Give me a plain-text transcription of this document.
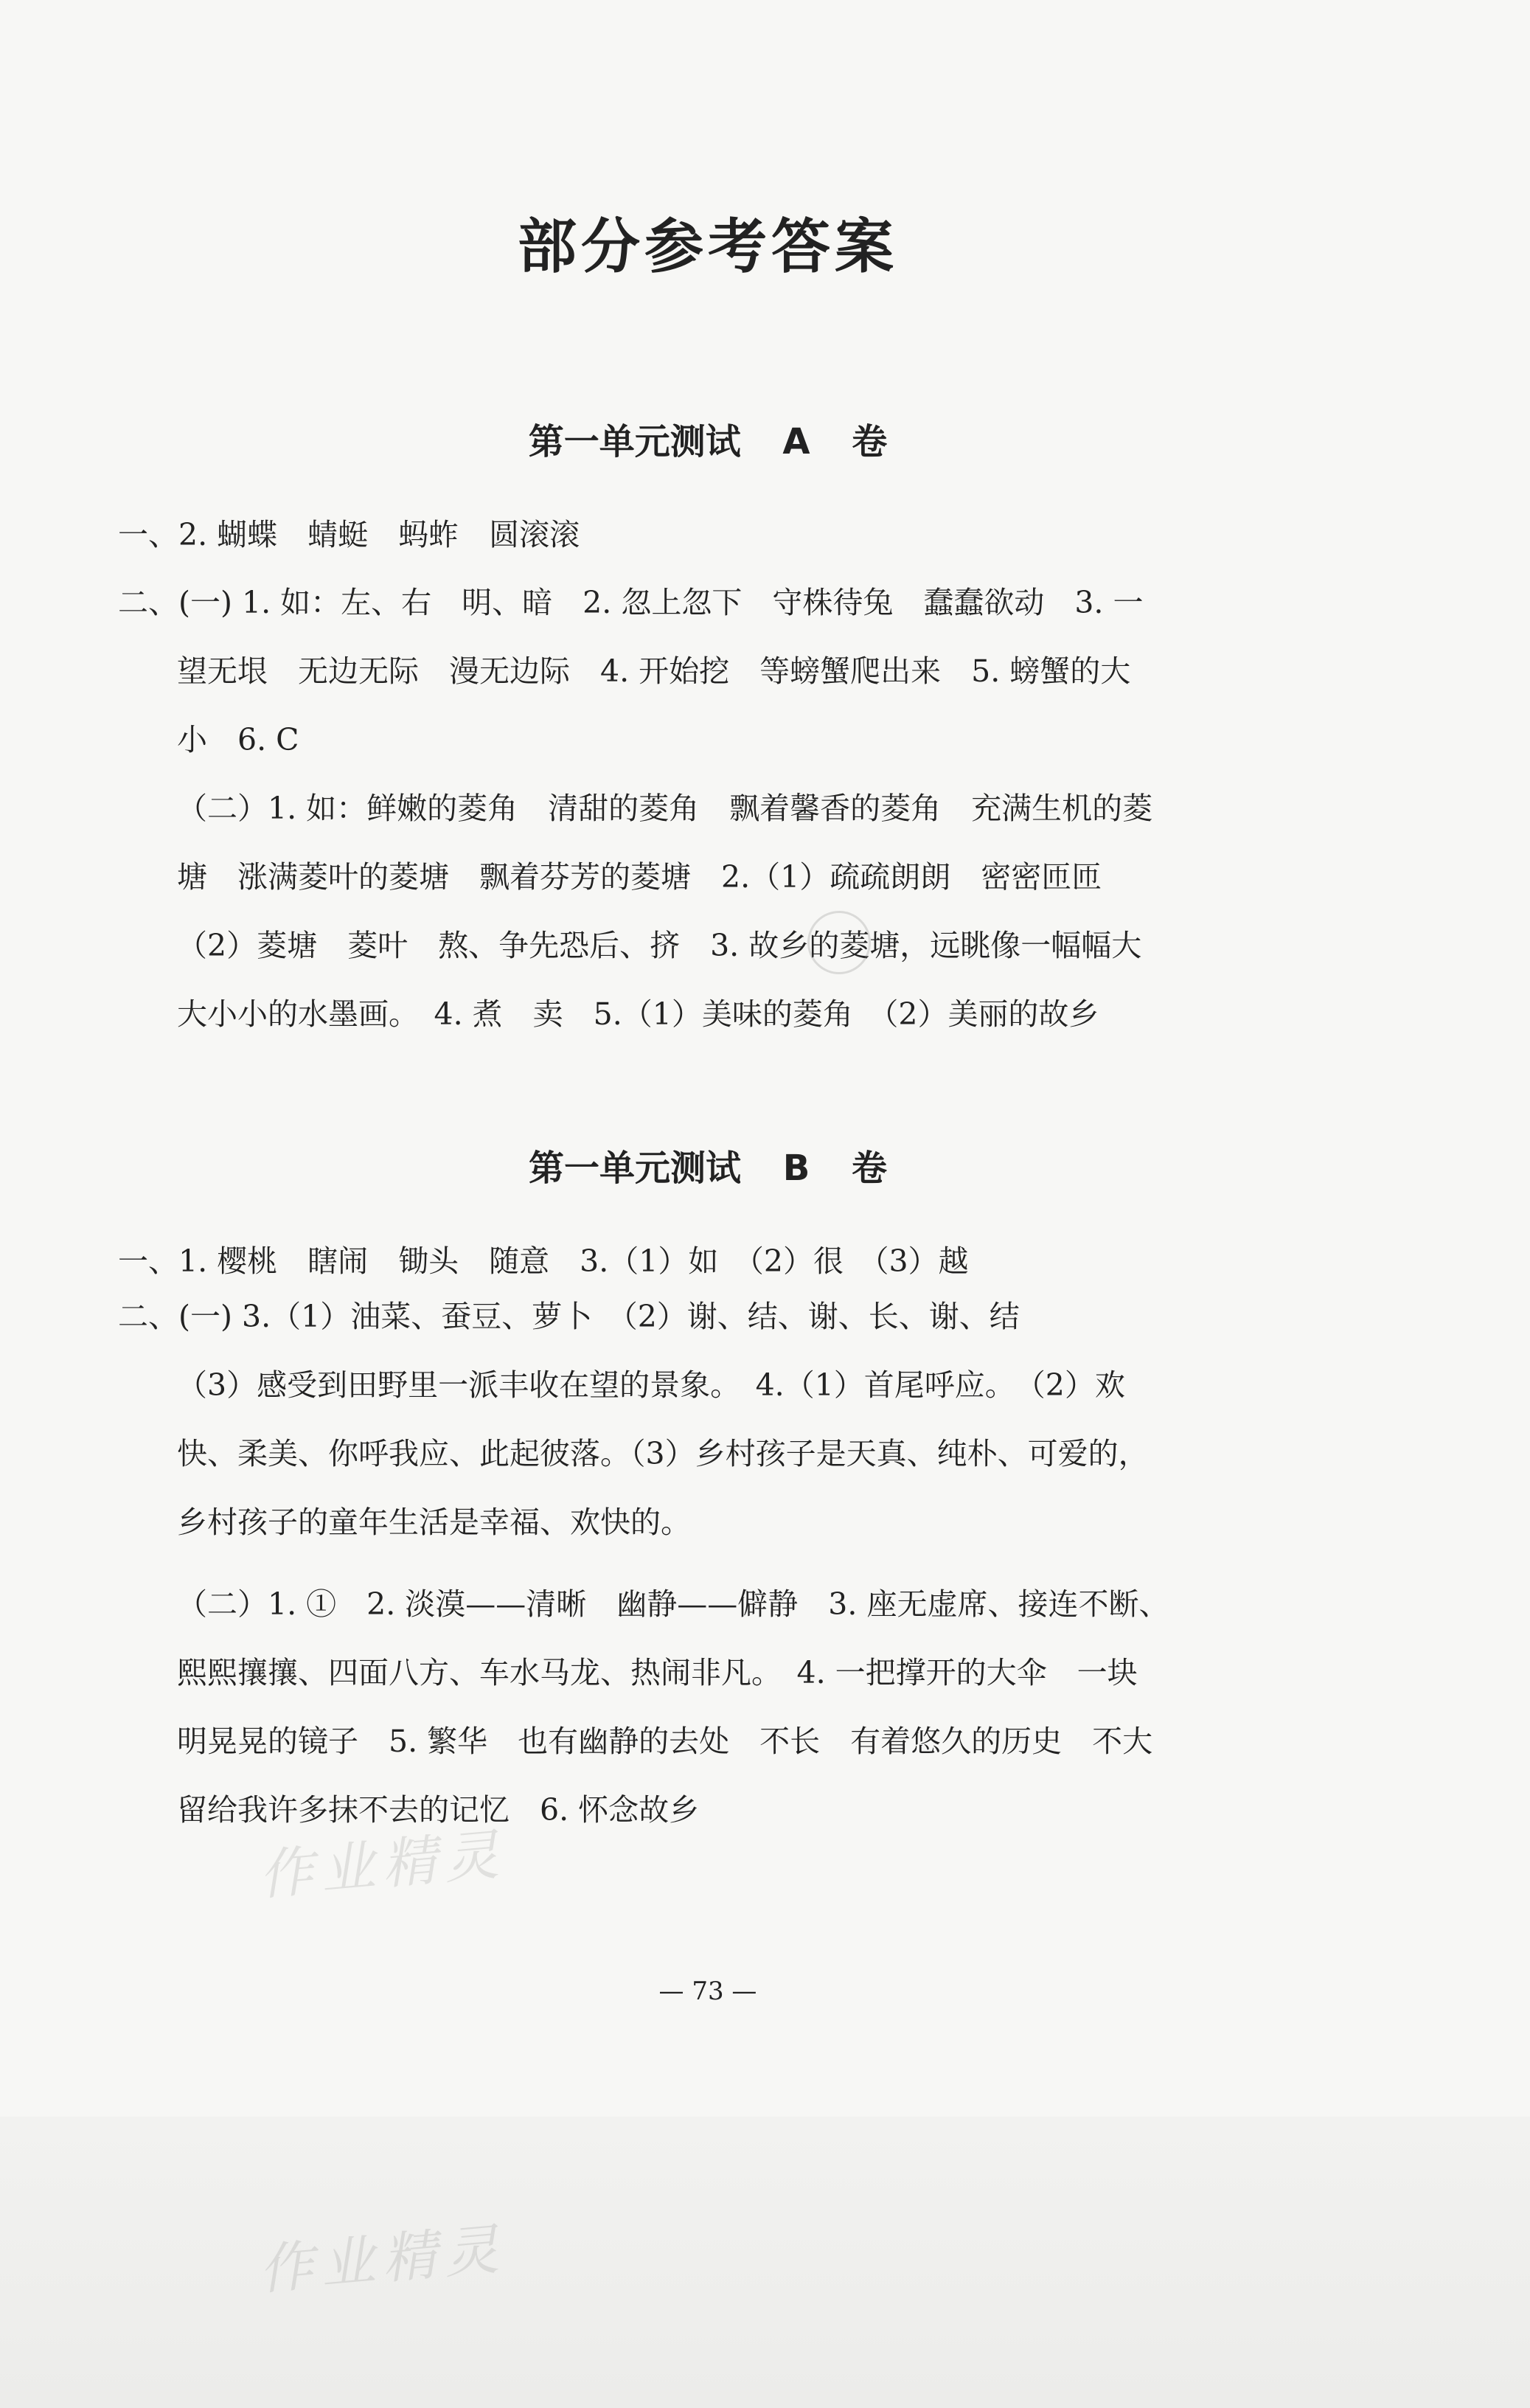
部分参考答案
第一单元测试 A 卷
一、2. 蝴蝶　蜻蜓　蚂蚱　圆滚滚
二、(一) 1. 如：左、右　明、暗　2. 忽上忽下　守株待兔　蠢蠢欲动　3. 一
望无垠　无边无际　漫无边际　4. 开始挖　等螃蟹爬出来　5. 螃蟹的大
小　6. C
（二）1. 如：鲜嫩的菱角　清甜的菱角　飘着馨香的菱角　充满生机的菱
塘　涨满菱叶的菱塘　飘着芬芳的菱塘　2.（1）疏疏朗朗　密密匝匝
（2）菱塘　菱叶　熬、争先恐后、挤　3. 故乡的菱塘，远眺像一幅幅大
大小小的水墨画。　4. 煮　卖　5.（1）美味的菱角　（2）美丽的故乡
第一单元测试 B 卷
一、1. 樱桃　瞎闹　锄头　随意　3.（1）如　（2）很　（3）越
二、(一) 3.（1）油菜、蚕豆、萝卜　（2）谢、结、谢、长、谢、结
（3）感受到田野里一派丰收在望的景象。　4.（1）首尾呼应。　（2）欢
快、柔美、你呼我应、此起彼落。（3）乡村孩子是天真、纯朴、可爱的，
乡村孩子的童年生活是幸福、欢快的。
（二）1. ①　2. 淡漠——清晰　幽静——僻静　3. 座无虚席、接连不断、
熙熙攘攘、四面八方、车水马龙、热闹非凡。　4. 一把撑开的大伞　一块
明晃晃的镜子　5. 繁华　也有幽静的去处　不长　有着悠久的历史　不大
留给我许多抹不去的记忆　6. 怀念故乡
— 73 —
作业精灵
作业精灵
